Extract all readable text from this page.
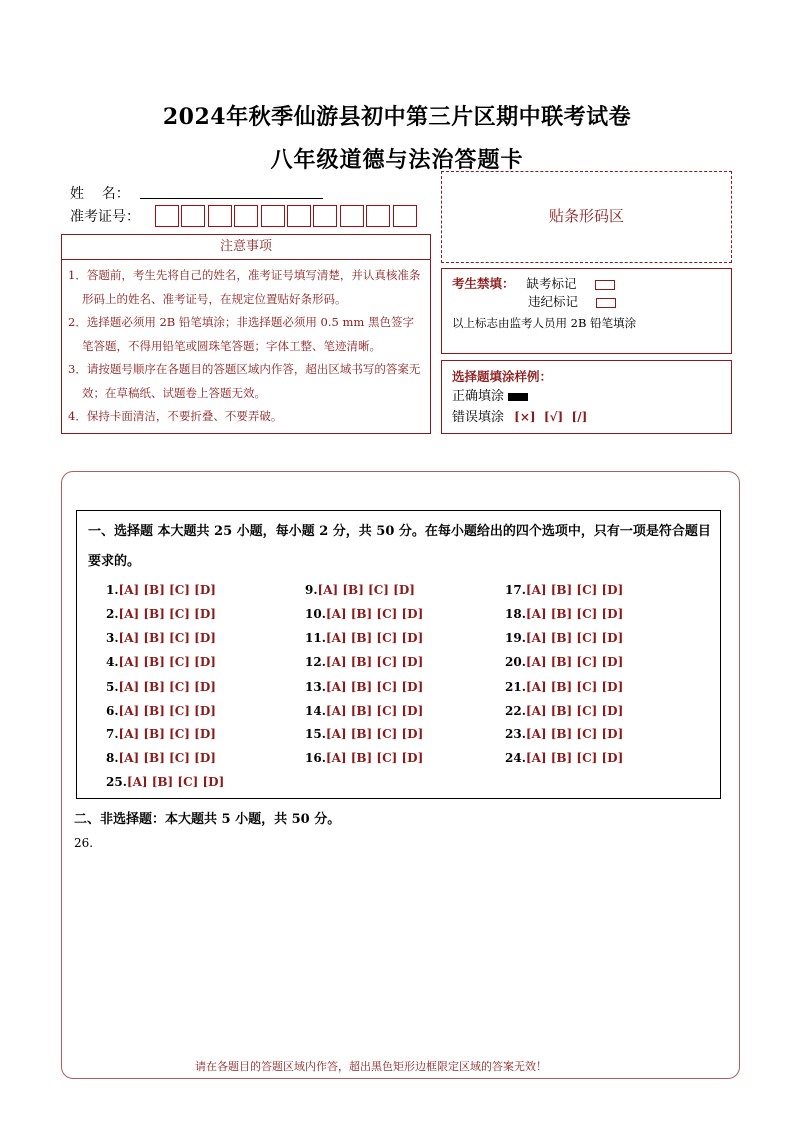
2024年秋季仙游县初中第三片区期中联考试卷
八年级道德与法治答题卡
姓    名：
准考证号：	贴条形码区
注意事项
1．答题前，考生先将自己的姓名，准考证号填写清楚，并认真核准条形码上的姓名、准考证号，在规定位置贴好条形码。
2．选择题必须用 2B 铅笔填涂；非选择题必须用 0.5 mm 黑色签字笔答题，不得用铅笔或圆珠笔答题；字体工整、笔迹清晰。
3．请按题号顺序在各题目的答题区域内作答，超出区域书写的答案无效；在草稿纸、试题卷上答题无效。
4．保持卡面清洁，不要折叠、不要弄破。
考生禁填： 缺考标记
违纪标记
以上标志由监考人员用 2B 铅笔填涂
选择题填涂样例：
正确填涂
错误填涂 [×]  [√]  [/]
一、选择题 本大题共 25 小题，每小题 2 分，共 50 分。在每小题给出的四个选项中，只有一项是符合题目要求的。
1.[A] [B] [C] [D]
2.[A] [B] [C] [D]
3.[A] [B] [C] [D]
4.[A] [B] [C] [D]
5.[A] [B] [C] [D]
6.[A] [B] [C] [D]
7.[A] [B] [C] [D]
8.[A] [B] [C] [D]
9.[A] [B] [C] [D]
10.[A] [B] [C] [D]
11.[A] [B] [C] [D]
12.[A] [B] [C] [D]
13.[A] [B] [C] [D]
14.[A] [B] [C] [D]
15.[A] [B] [C] [D]
16.[A] [B] [C] [D]
17.[A] [B] [C] [D]
18.[A] [B] [C] [D]
19.[A] [B] [C] [D]
20.[A] [B] [C] [D]
21.[A] [B] [C] [D]
22.[A] [B] [C] [D]
23.[A] [B] [C] [D]
24.[A] [B] [C] [D]
25.[A] [B] [C] [D]
二、非选择题：本大题共 5 小题，共 50 分。
26.
请在各题目的答题区域内作答，超出黑色矩形边框限定区域的答案无效！
